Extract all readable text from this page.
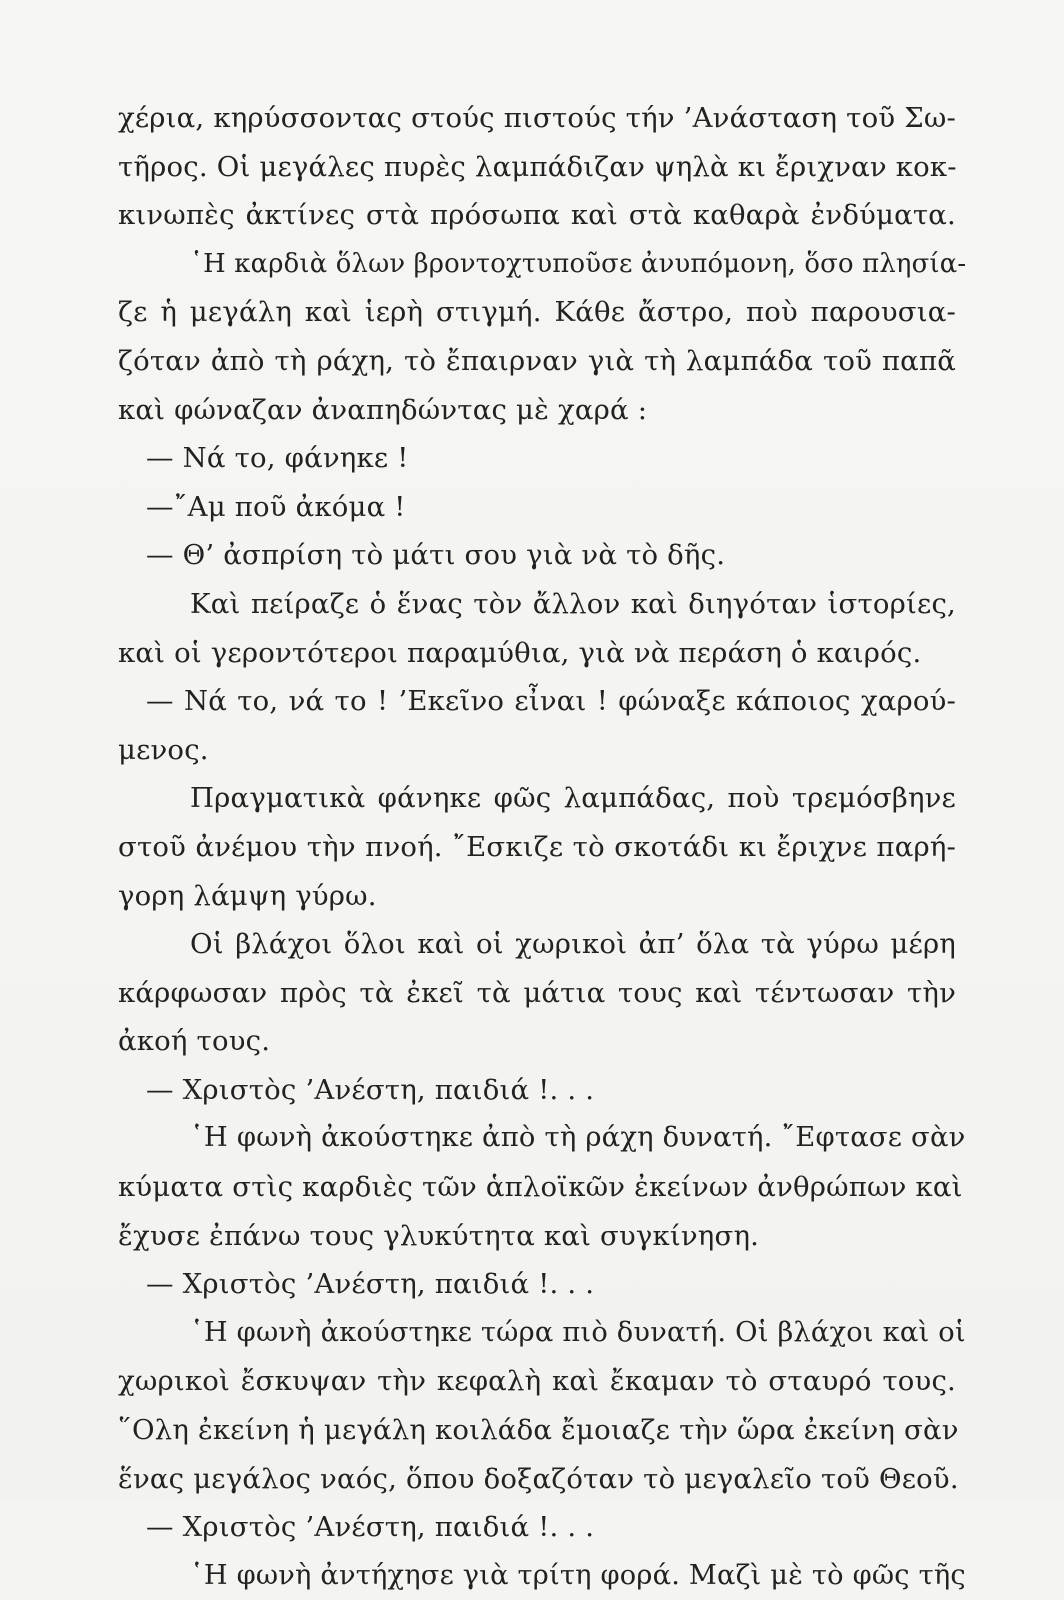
χέρια, κηρύσσοντας στούς πιστούς τήν ’Ανάσταση τοῦ Σω-
τῆρος. Οἱ μεγάλες πυρὲς λαμπάδιζαν ψηλὰ κι ἔριχναν κοκ-
κινωπὲς ἀκτίνες στὰ πρόσωπα καὶ στὰ καθαρὰ ἐνδύματα.
῾Η καρδιὰ ὅλων βροντοχτυποῦσε ἀνυπόμονη, ὅσο πλησία-
ζε ἡ μεγάλη καὶ ἱερὴ στιγμή. Κάθε ἄστρο, ποὺ παρουσια-
ζόταν ἀπὸ τὴ ράχη, τὸ ἔπαιρναν γιὰ τὴ λαμπάδα τοῦ παπᾶ
καὶ φώναζαν ἀναπηδώντας μὲ χαρά :
— Νά το, φάνηκε !
—῎Αμ ποῦ ἀκόμα !
— Θ’ ἀσπρίση τὸ μάτι σου γιὰ νὰ τὸ δῆς.
Καὶ πείραζε ὁ ἕνας τὸν ἄλλον καὶ διηγόταν ἱστορίες,
καὶ οἱ γεροντότεροι παραμύθια, γιὰ νὰ περάση ὁ καιρός.
— Νά το, νά το ! ’Εκεῖνο εἶναι ! φώναξε κάποιος χαρού-
μενος.
Πραγματικὰ φάνηκε φῶς λαμπάδας, ποὺ τρεμόσβηνε
στοῦ ἀνέμου τὴν πνοή. ῎Εσκιζε τὸ σκοτάδι κι ἔριχνε παρή-
γορη λάμψη γύρω.
Οἱ βλάχοι ὅλοι καὶ οἱ χωρικοὶ ἀπ’ ὅλα τὰ γύρω μέρη
κάρφωσαν πρὸς τὰ ἐκεῖ τὰ μάτια τους καὶ τέντωσαν τὴν
ἀκοή τους.
— Χριστὸς ’Ανέστη, παιδιά !. . .
῾Η φωνὴ ἀκούστηκε ἀπὸ τὴ ράχη δυνατή. ῎Εφτασε σὰν
κύματα στὶς καρδιὲς τῶν ἁπλοϊκῶν ἐκείνων ἀνθρώπων καὶ
ἔχυσε ἐπάνω τους γλυκύτητα καὶ συγκίνηση.
— Χριστὸς ’Ανέστη, παιδιά !. . .
῾Η φωνὴ ἀκούστηκε τώρα πιὸ δυνατή. Οἱ βλάχοι καὶ οἱ
χωρικοὶ ἔσκυψαν τὴν κεφαλὴ καὶ ἔκαμαν τὸ σταυρό τους.
῞Ολη ἐκείνη ἡ μεγάλη κοιλάδα ἔμοιαζε τὴν ὥρα ἐκείνη σὰν
ἕνας μεγάλος ναός, ὅπου δοξαζόταν τὸ μεγαλεῖο τοῦ Θεοῦ.
— Χριστὸς ’Ανέστη, παιδιά !. . .
῾Η φωνὴ ἀντήχησε γιὰ τρίτη φορά. Μαζὶ μὲ τὸ φῶς τῆς
